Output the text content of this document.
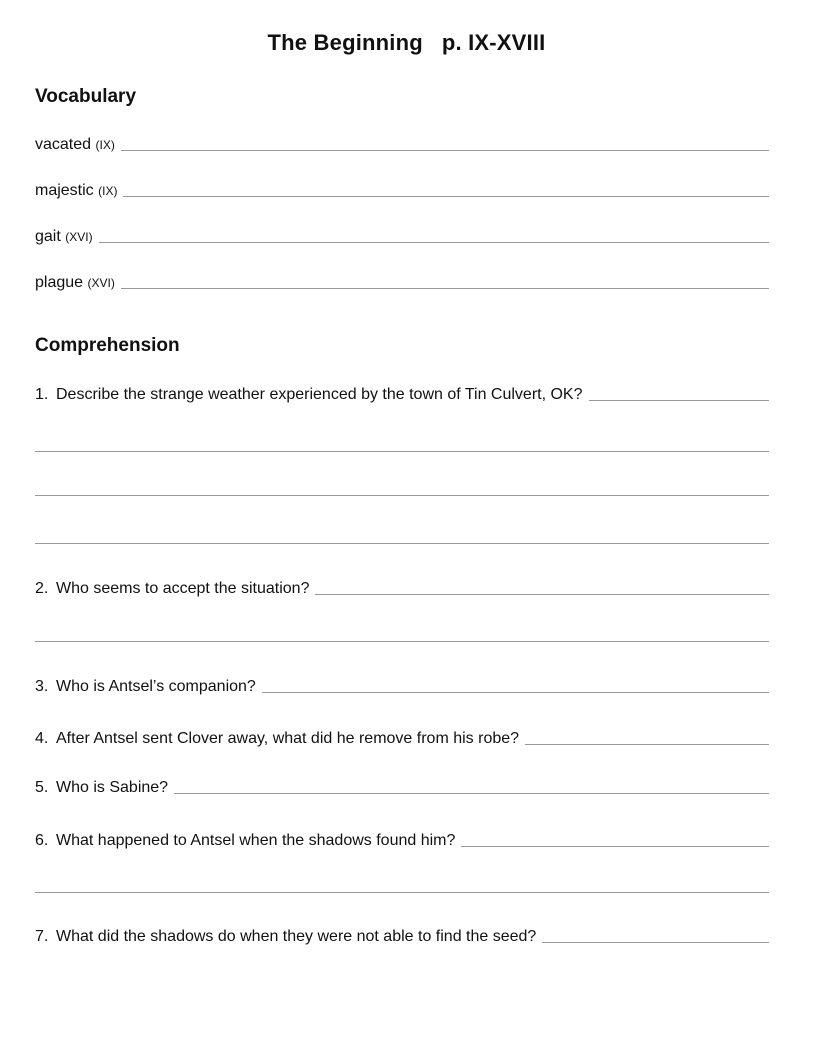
The Beginning   p. IX-XVIII
Vocabulary
vacated (IX)
majestic (IX)
gait (XVI)
plague (XVI)
Comprehension
1. Describe the strange weather experienced by the town of Tin Culvert, OK?
2. Who seems to accept the situation?
3. Who is Antsel’s companion?
4. After Antsel sent Clover away, what did he remove from his robe?
5. Who is Sabine?
6. What happened to Antsel when the shadows found him?
7. What did the shadows do when they were not able to find the seed?
